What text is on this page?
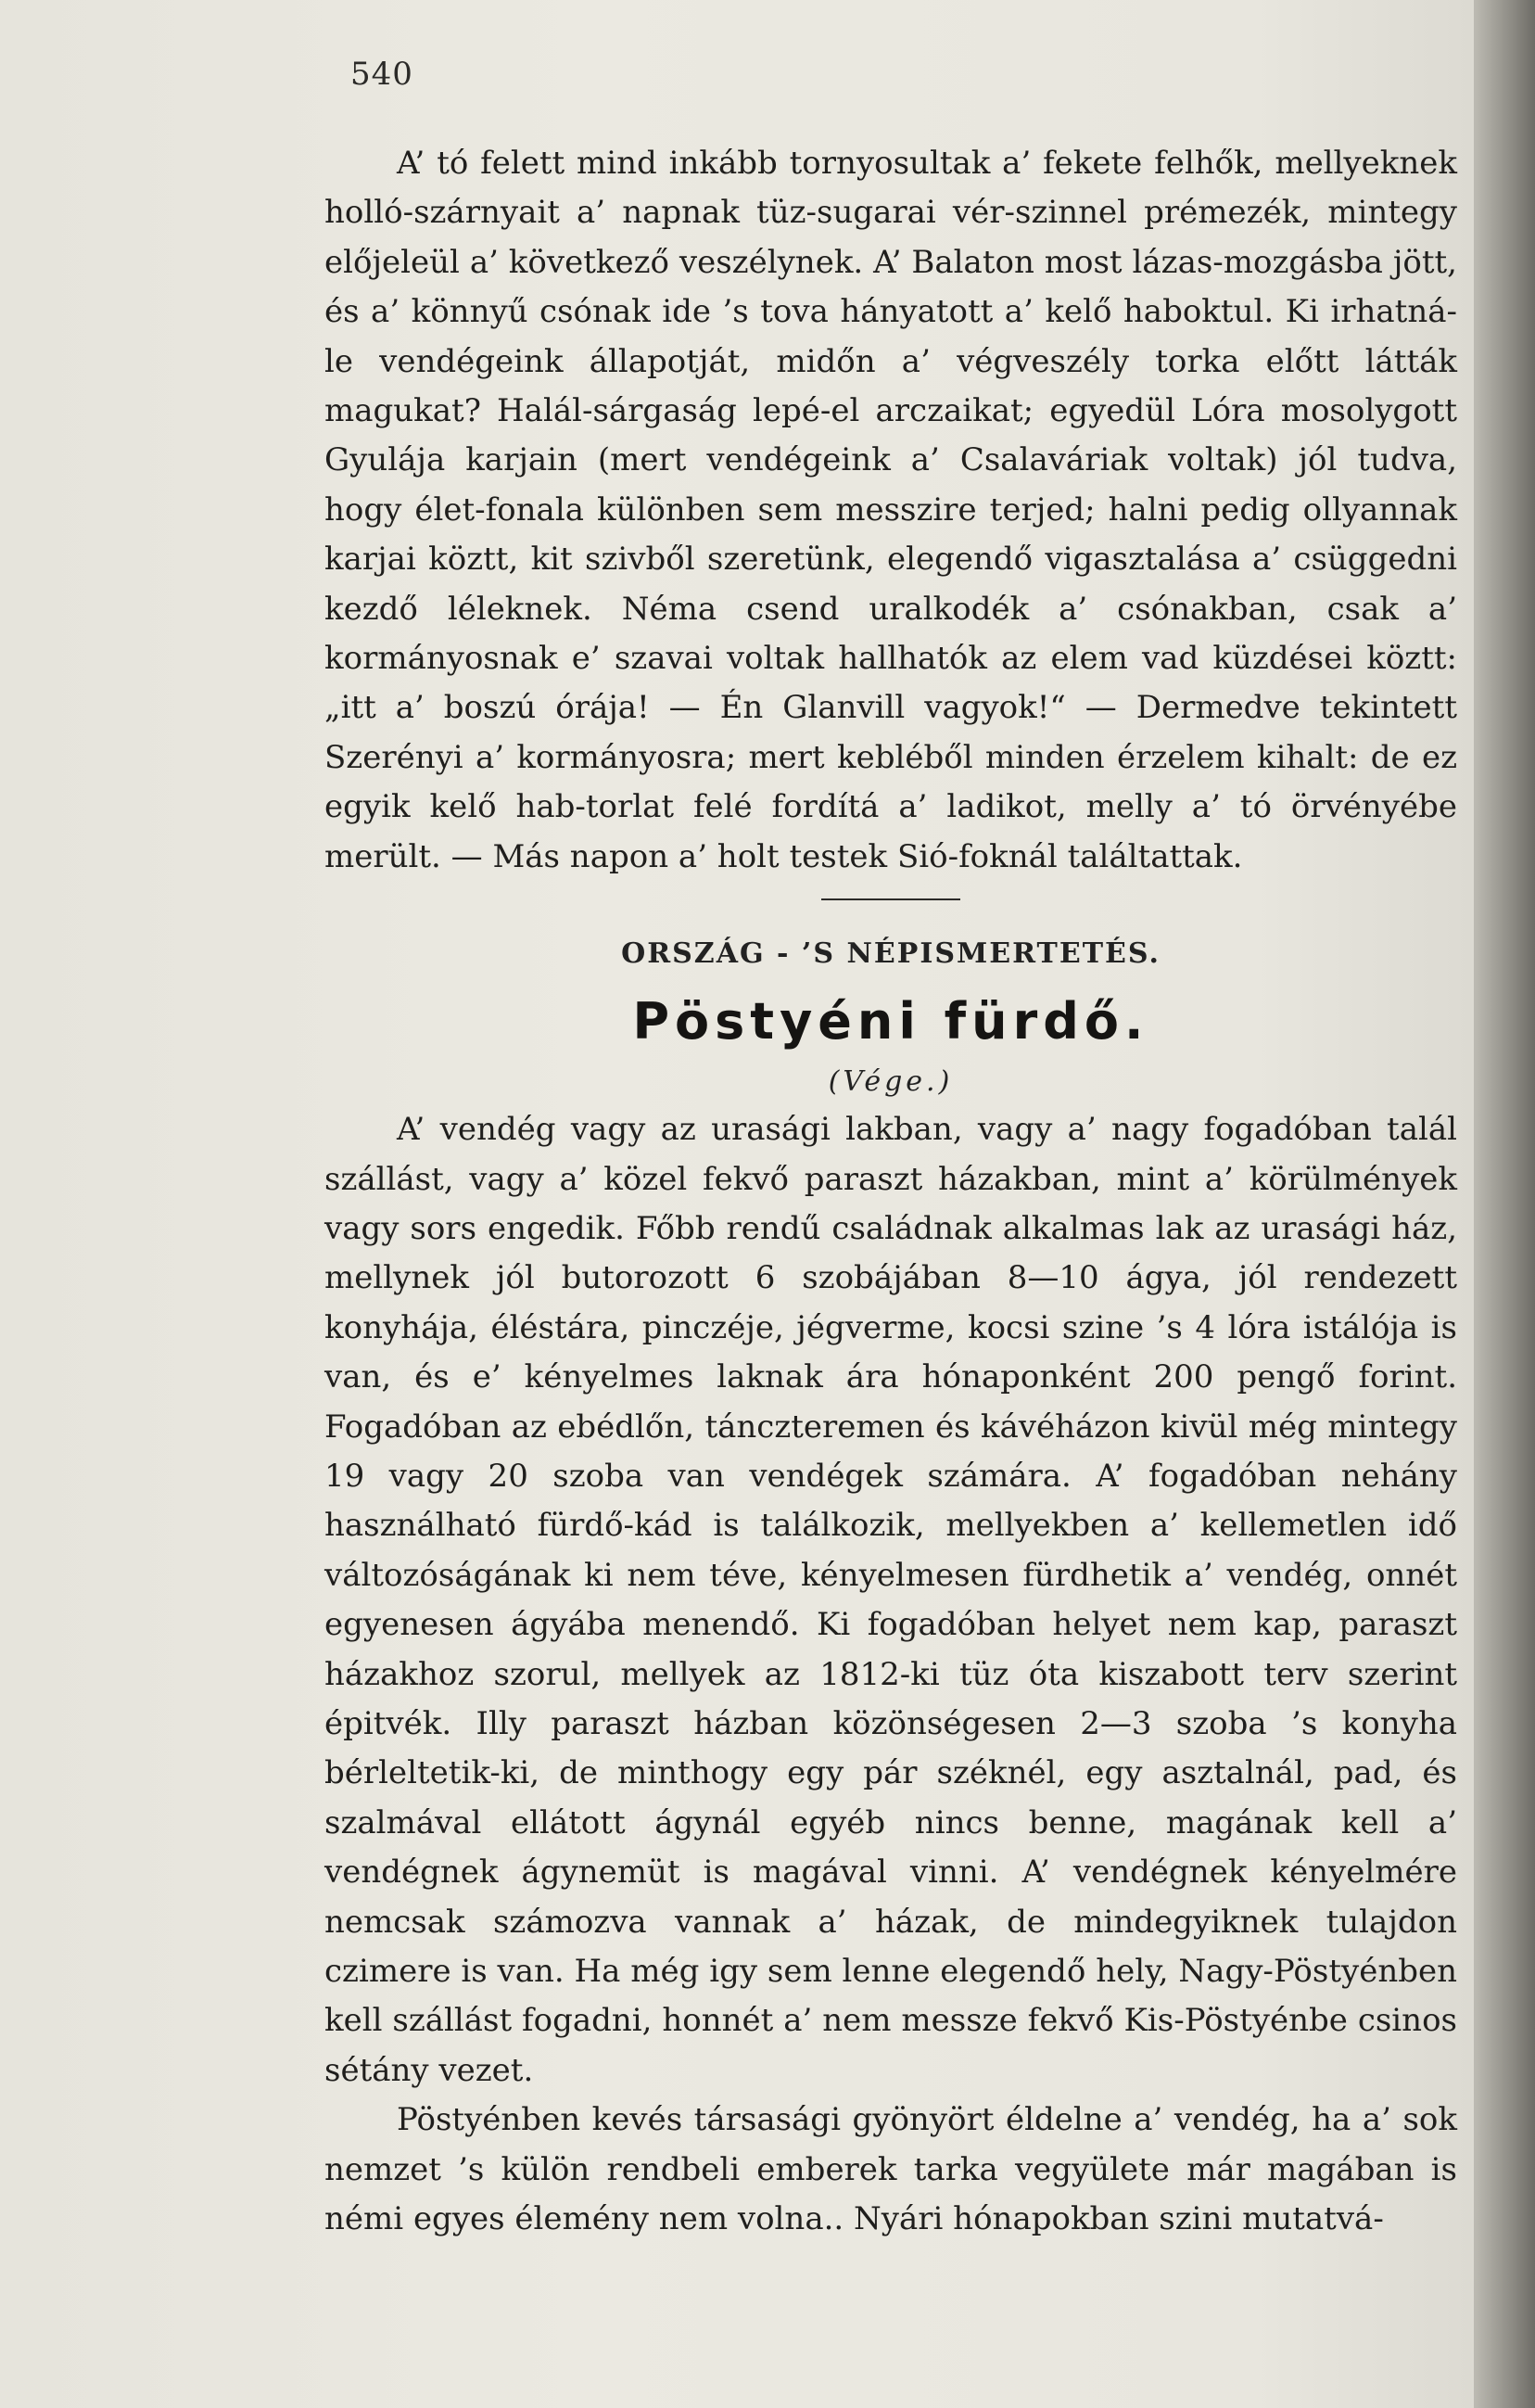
540

A’ tó felett mind inkább tornyosultak a’ fekete felhők, mellyeknek holló-szárnyait a’ napnak tüz-sugarai vér-szinnel prémezék, mintegy előjeleül a’ következő veszélynek. A’ Balaton most lázas-mozgásba jött, és a’ könnyű csónak ide ’s tova hányatott a’ kelő haboktul. Ki irhatná-le vendégeink állapotját, midőn a’ végveszély torka előtt látták magukat? Halál-sárgaság lepé-el arczaikat; egyedül Lóra mosolygott Gyulája karjain (mert vendégeink a’ Csalaváriak voltak) jól tudva, hogy élet-fonala különben sem messzire terjed; halni pedig ollyannak karjai köztt, kit szivből szeretünk, elegendő vigasztalása a’ csüggedni kezdő léleknek. Néma csend uralkodék a’ csónakban, csak a’ kormányosnak e’ szavai voltak hallhatók az elem vad küzdései köztt: „itt a’ boszú órája! — Én Glanvill vagyok!“ — Dermedve tekintett Szerényi a’ kormányosra; mert kebléből minden érzelem kihalt: de ez egyik kelő hab-torlat felé fordítá a’ ladikot, melly a’ tó örvényébe merült. — Más napon a’ holt testek Sió-foknál találtattak.

ORSZÁG - ’S NÉPISMERTETÉS.
Pöstyéni fürdő.
(Vége.)

A’ vendég vagy az urasági lakban, vagy a’ nagy fogadóban talál szállást, vagy a’ közel fekvő paraszt házakban, mint a’ körülmények vagy sors engedik. Főbb rendű családnak alkalmas lak az urasági ház, mellynek jól butorozott 6 szobájában 8—10 ágya, jól rendezett konyhája, éléstára, pinczéje, jégverme, kocsi szine ’s 4 lóra istálója is van, és e’ kényelmes laknak ára hónaponként 200 pengő forint. Fogadóban az ebédlőn, tánczteremen és kávéházon kivül még mintegy 19 vagy 20 szoba van vendégek számára. A’ fogadóban nehány használható fürdő-kád is találkozik, mellyekben a’ kellemetlen idő változóságának ki nem téve, kényelmesen fürdhetik a’ vendég, onnét egyenesen ágyába menendő. Ki fogadóban helyet nem kap, paraszt házakhoz szorul, mellyek az 1812-ki tüz óta kiszabott terv szerint épitvék. Illy paraszt házban közönségesen 2—3 szoba ’s konyha bérleltetik-ki, de minthogy egy pár széknél, egy asztalnál, pad, és szalmával ellátott ágynál egyéb nincs benne, magának kell a’ vendégnek ágynemüt is magával vinni. A’ vendégnek kényelmére nemcsak számozva vannak a’ házak, de mindegyiknek tulajdon czimere is van. Ha még igy sem lenne elegendő hely, Nagy-Pöstyénben kell szállást fogadni, honnét a’ nem messze fekvő Kis-Pöstyénbe csinos sétány vezet.

Pöstyénben kevés társasági gyönyört éldelne a’ vendég, ha a’ sok nemzet ’s külön rendbeli emberek tarka vegyülete már magában is némi egyes élemény nem volna.. Nyári hónapokban szini mutatvá-
